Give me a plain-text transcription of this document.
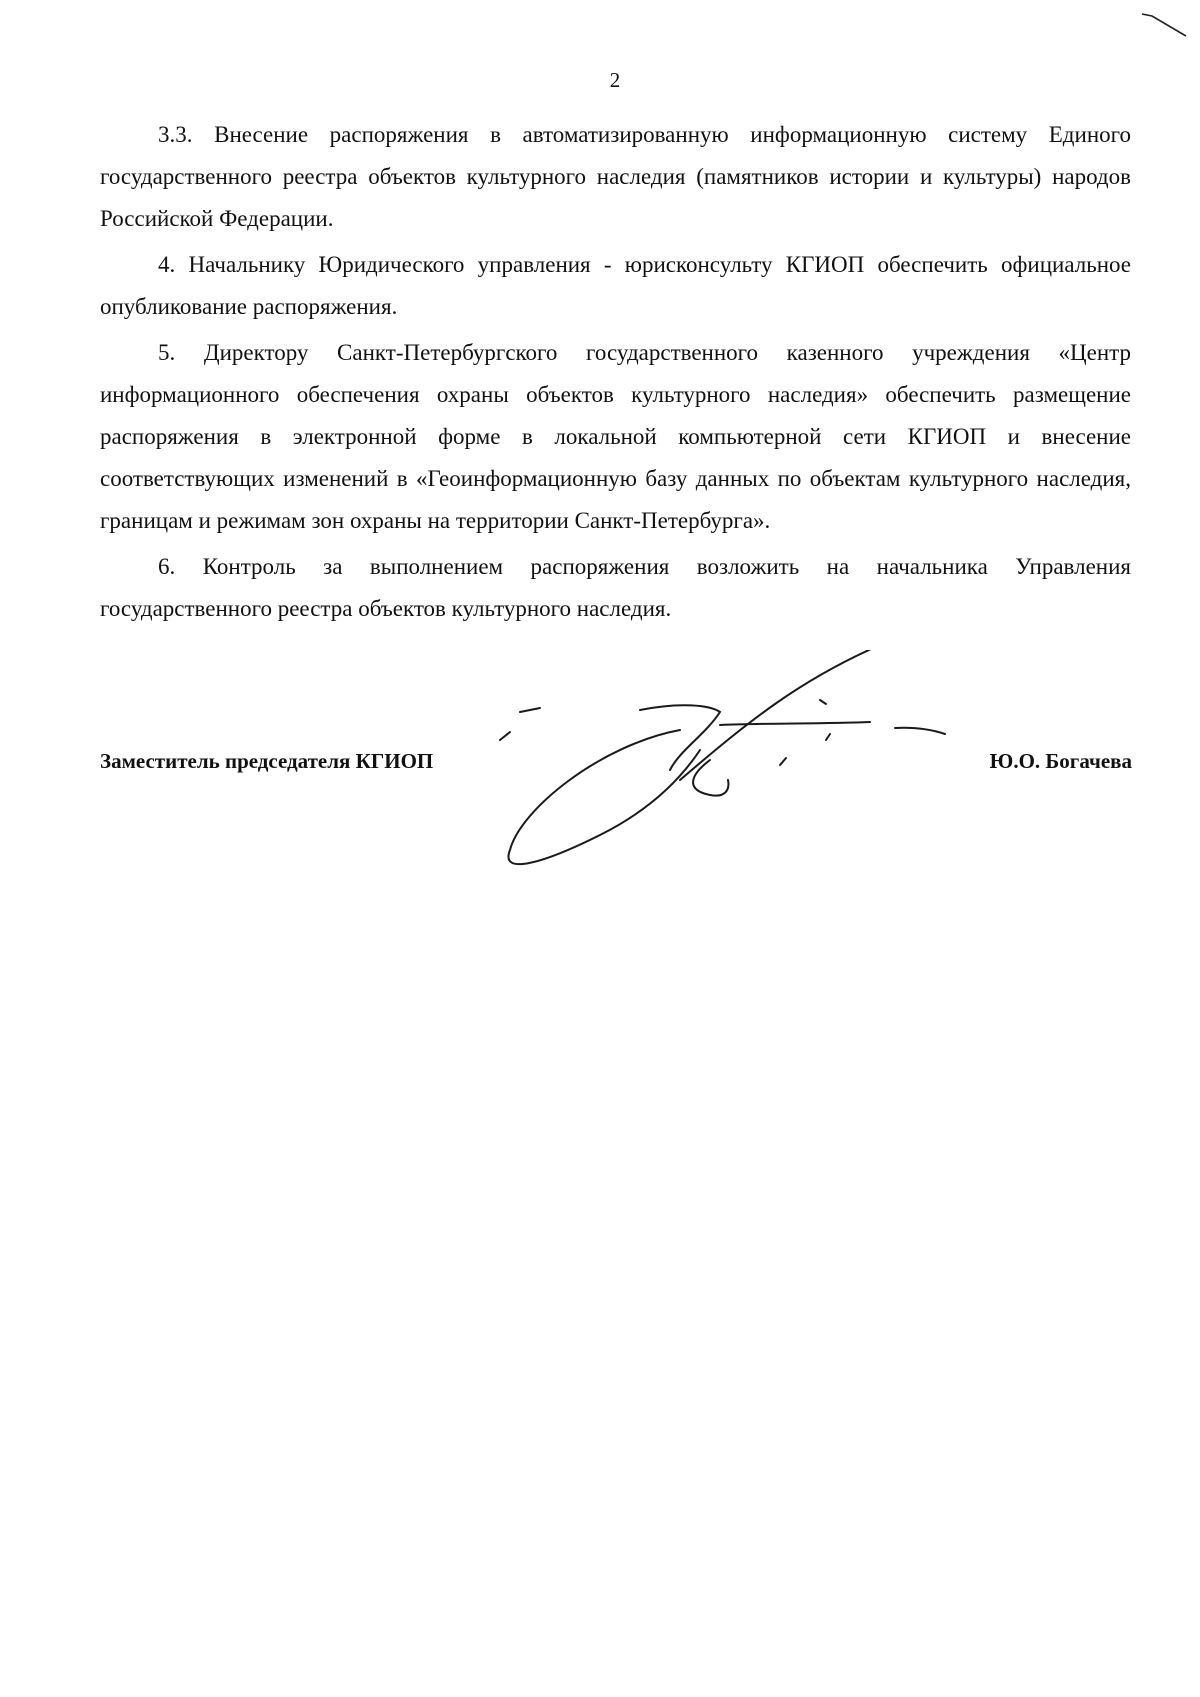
2

3.3. Внесение распоряжения в автоматизированную информационную систему Единого государственного реестра объектов культурного наследия (памятников истории и культуры) народов Российской Федерации.

4. Начальнику Юридического управления - юрисконсульту КГИОП обеспечить официальное опубликование распоряжения.

5. Директору Санкт-Петербургского государственного казенного учреждения «Центр информационного обеспечения охраны объектов культурного наследия» обеспечить размещение распоряжения в электронной форме в локальной компьютерной сети КГИОП и внесение соответствующих изменений в «Геоинформационную базу данных по объектам культурного наследия, границам и режимам зон охраны на территории Санкт-Петербурга».

6. Контроль за выполнением распоряжения возложить на начальника Управления государственного реестра объектов культурного наследия.

Заместитель председателя КГИОП	Ю.О. Богачева
